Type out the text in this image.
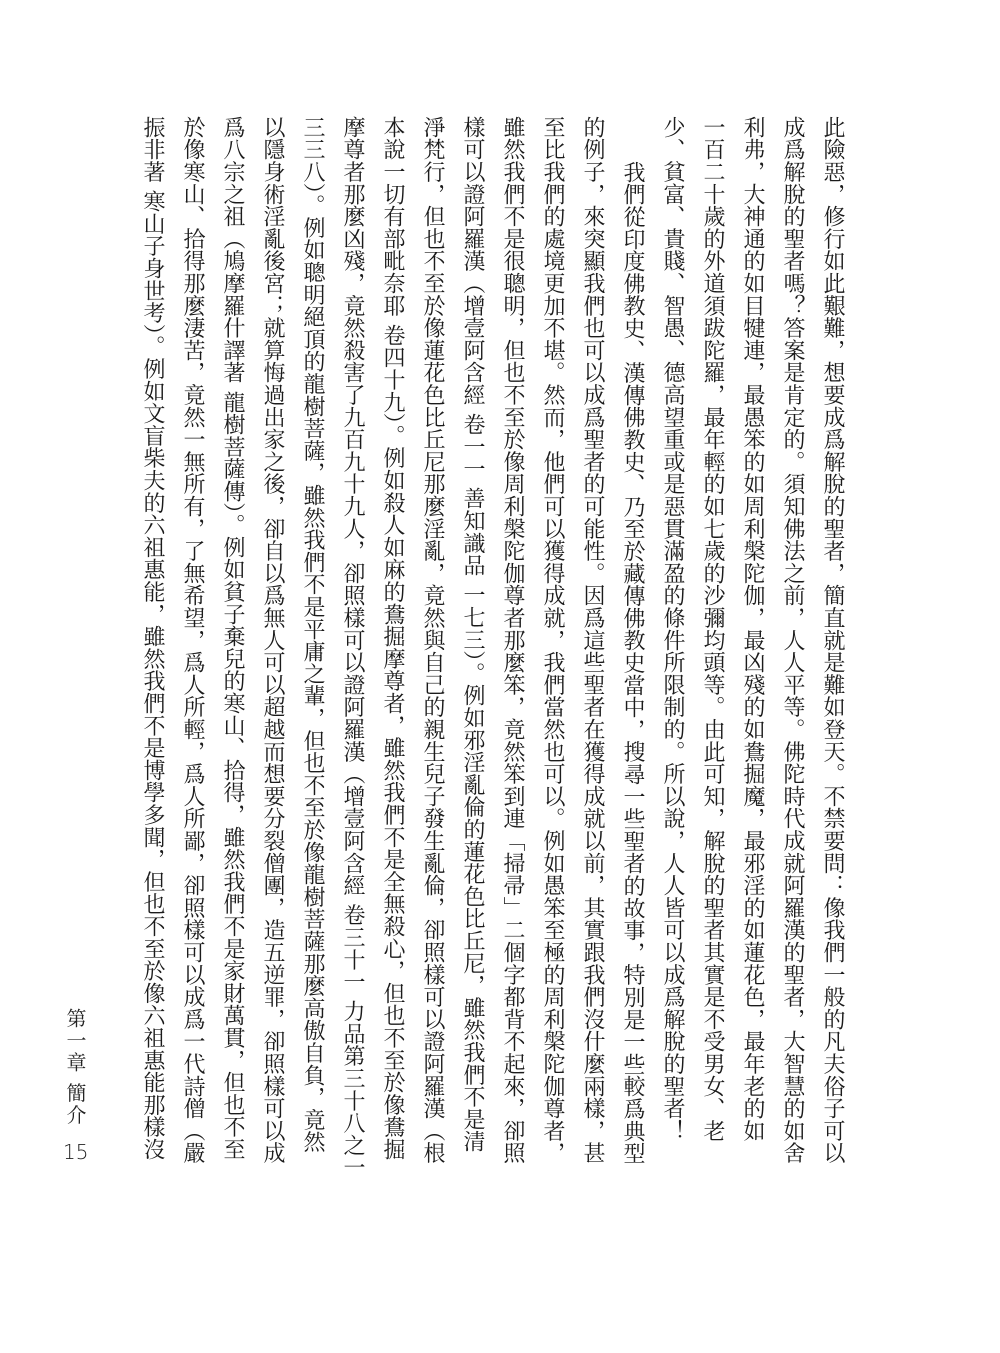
此險惡，修行如此艱難，想要成爲解脫的聖者，簡直就是難如登天。不禁要問：像我們一般的凡夫俗子可以
成爲解脫的聖者嗎？答案是肯定的。須知佛法之前，人人平等。佛陀時代成就阿羅漢的聖者，大智慧的如舍
利弗，大神通的如目犍連，最愚笨的如周利槃陀伽，最凶殘的如鴦掘魔，最邪淫的如蓮花色，最年老的如
一百二十歲的外道須跋陀羅，最年輕的如七歲的沙彌均頭等。由此可知，解脫的聖者其實是不受男女、老
少、貧富、貴賤、智愚、德高望重或是惡貫滿盈的條件所限制的。所以說，人人皆可以成爲解脫的聖者！
我們從印度佛教史、漢傳佛教史、乃至於藏傳佛教史當中，搜尋一些聖者的故事，特別是一些較爲典型
的例子，來突顯我們也可以成爲聖者的可能性。因爲這些聖者在獲得成就以前，其實跟我們沒什麼兩樣，甚
至比我們的處境更加不堪。然而，他們可以獲得成就，我們當然也可以。例如愚笨至極的周利槃陀伽尊者，
雖然我們不是很聰明，但也不至於像周利槃陀伽尊者那麼笨，竟然笨到連「掃帚」二個字都背不起來，卻照
樣可以證阿羅漢（增壹阿含經 卷一一 善知識品 一七三）。例如邪淫亂倫的蓮花色比丘尼，雖然我們不是清
淨梵行，但也不至於像蓮花色比丘尼那麼淫亂，竟然與自己的親生兒子發生亂倫，卻照樣可以證阿羅漢（根
本說一切有部毗奈耶 卷四十九）。例如殺人如麻的鴦掘摩尊者，雖然我們不是全無殺心，但也不至於像鴦掘
摩尊者那麼凶殘，竟然殺害了九百九十九人，卻照樣可以證阿羅漢（增壹阿含經 卷三十一 力品第三十八之一
三三八）。例如聰明絕頂的龍樹菩薩，雖然我們不是平庸之輩，但也不至於像龍樹菩薩那麼高傲自負，竟然
以隱身術淫亂後宮；就算悔過出家之後，卻自以爲無人可以超越而想要分裂僧團，造五逆罪，卻照樣可以成
爲八宗之祖（鳩摩羅什譯著 龍樹菩薩傳）。例如貧子棄兒的寒山、拾得，雖然我們不是家財萬貫，但也不至
於像寒山、拾得那麼淒苦，竟然一無所有，了無希望，爲人所輕，爲人所鄙，卻照樣可以成爲一代詩僧（嚴
振非著 寒山子身世考）。例如文盲柴夫的六祖惠能，雖然我們不是博學多聞，但也不至於像六祖惠能那樣沒
第一章 簡介
15
